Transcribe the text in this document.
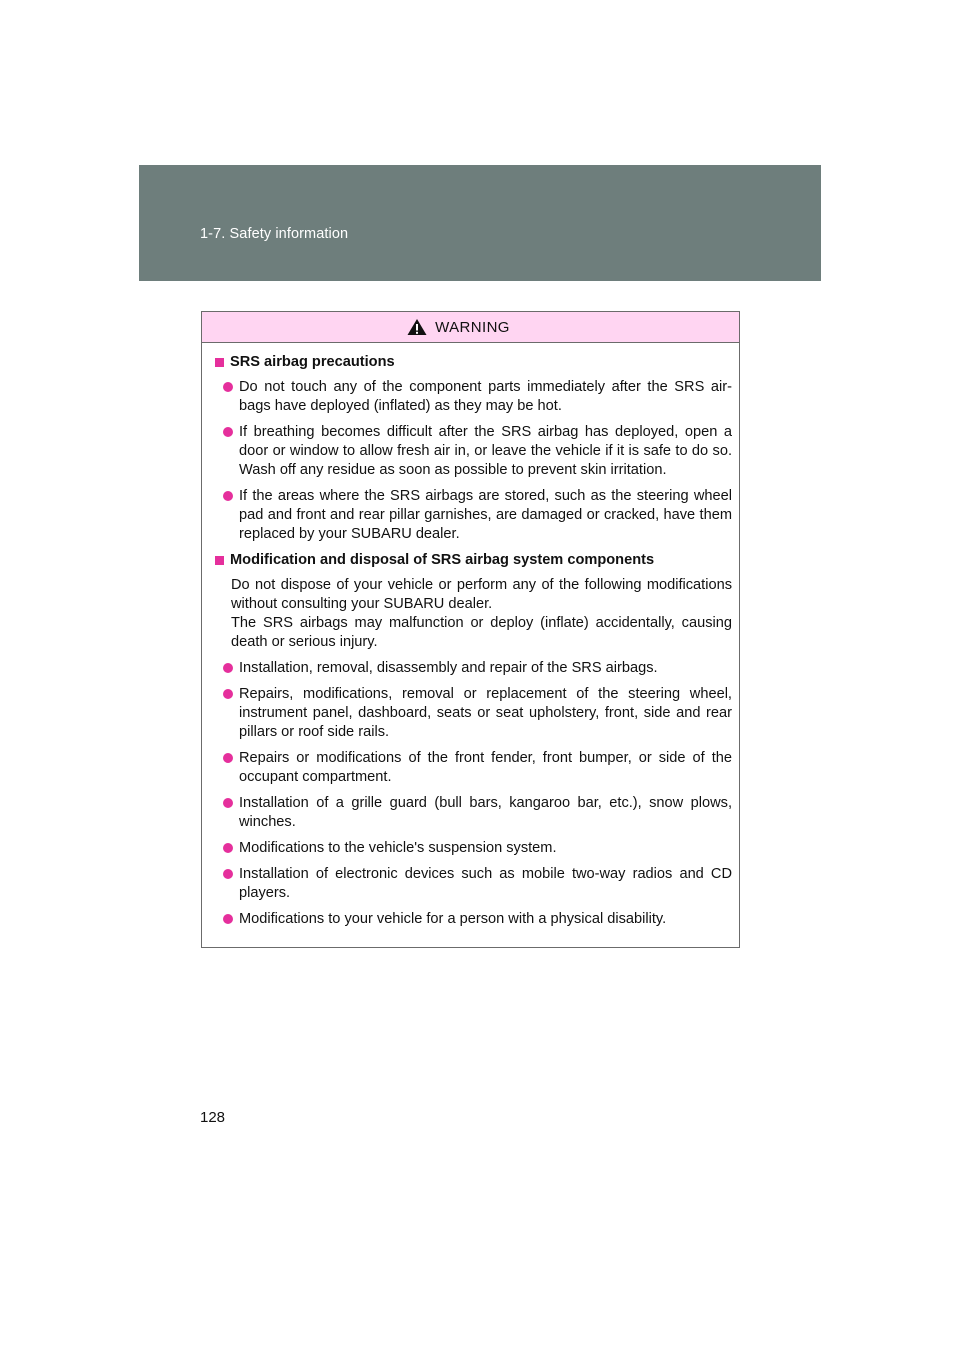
1-7. Safety information
WARNING
SRS airbag precautions
Do not touch any of the component parts immediately after the SRS air-bags have deployed (inflated) as they may be hot.
If breathing becomes difficult after the SRS airbag has deployed, open a door or window to allow fresh air in, or leave the vehicle if it is safe to do so. Wash off any residue as soon as possible to prevent skin irritation.
If the areas where the SRS airbags are stored, such as the steering wheel pad and front and rear pillar garnishes, are damaged or cracked, have them replaced by your SUBARU dealer.
Modification and disposal of SRS airbag system components
Do not dispose of your vehicle or perform any of the following modifications without consulting your SUBARU dealer.
The SRS airbags may malfunction or deploy (inflate) accidentally, causing death or serious injury.
Installation, removal, disassembly and repair of the SRS airbags.
Repairs, modifications, removal or replacement of the steering wheel, instrument panel, dashboard, seats or seat upholstery, front, side and rear pillars or roof side rails.
Repairs or modifications of the front fender, front bumper, or side of the occupant compartment.
Installation of a grille guard (bull bars, kangaroo bar, etc.), snow plows, winches.
Modifications to the vehicle's suspension system.
Installation of electronic devices such as mobile two-way radios and CD players.
Modifications to your vehicle for a person with a physical disability.
128
